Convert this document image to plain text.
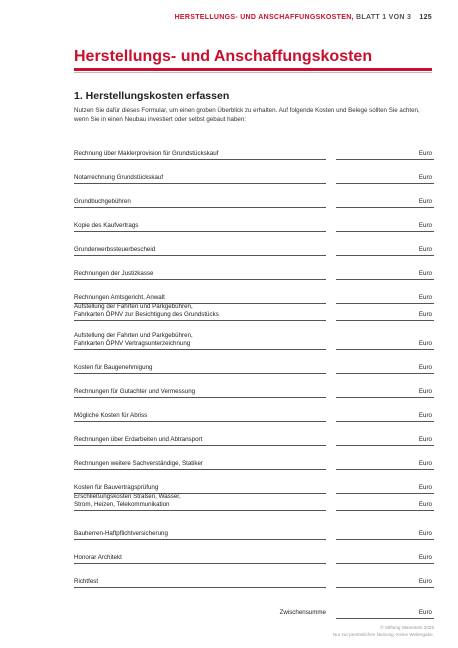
HERSTELLUNGS- UND ANSCHAFFUNGSKOSTEN, BLATT 1 VON 3 125
Herstellungs- und Anschaffungskosten
1. Herstellungskosten erfassen

Nutzen Sie dafür dieses Formular, um einen groben Überblick zu erhalten. Auf folgende Kosten und Belege sollten Sie achten, wenn Sie in einen Neubau investiert oder selbst gebaut haben:

Rechnung über Maklerprovision für Grundstückskauf	Euro
Notarrechnung Grundstückskauf	Euro
Grundbuchgebühren	Euro
Kopie des Kaufvertrags	Euro
Grunderwerbssteuerbescheid	Euro
Rechnungen der Justizkasse	Euro
Rechnungen Amtsgericht, Anwalt	Euro
Aufstellung der Fahrten und Parkgebühren,
Fahrkarten ÖPNV zur Besichtigung des Grundstücks	Euro
Aufstellung der Fahrten und Parkgebühren,
Fahrkarten ÖPNV Vertragsunterzeichnung	Euro
Kosten für Baugenehmigung	Euro
Rechnungen für Gutachter und Vermessung	Euro
Mögliche Kosten für Abriss	Euro
Rechnungen über Erdarbeiten und Abtransport	Euro
Rechnungen weitere Sachverständige, Statiker	Euro
Kosten für Bauvertragsprüfung	Euro
Erschließungskosten Straßen, Wasser,
Strom, Heizen, Telekommunikation	Euro
Bauherren-Haftpflichtversicherung	Euro
Honorar Architekt	Euro
Richtfest	Euro
Zwischensumme	Euro
© Stiftung Warentest 2025
Nur zur persönlichen Nutzung. Keine Weitergabe.
